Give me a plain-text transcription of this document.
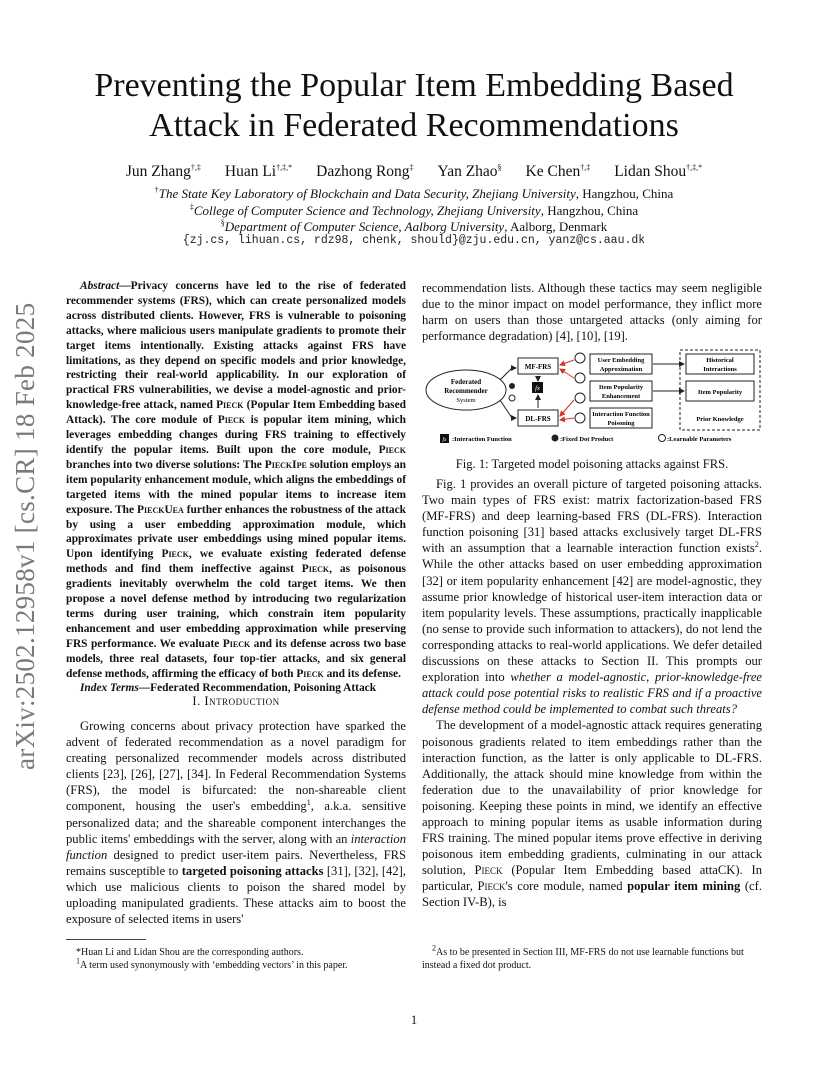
arXiv:2502.12958v1 [cs.CR] 18 Feb 2025
Preventing the Popular Item Embedding Based
Attack in Federated Recommendations
Jun Zhang†,‡ Huan Li†,‡,* Dazhong Rong‡ Yan Zhao§ Ke Chen†,‡ Lidan Shou†,‡,*
†The State Key Laboratory of Blockchain and Data Security, Zhejiang University, Hangzhou, China
‡College of Computer Science and Technology, Zhejiang University, Hangzhou, China
§Department of Computer Science, Aalborg University, Aalborg, Denmark
{zj.cs, lihuan.cs, rdz98, chenk, should}@zju.edu.cn, yanz@cs.aau.dk

Abstract—Privacy concerns have led to the rise of federated recommender systems (FRS), which can create personalized models across distributed clients. However, FRS is vulnerable to poisoning attacks, where malicious users manipulate gradients to promote their target items intentionally. Existing attacks against FRS have limitations, as they depend on specific models and prior knowledge, restricting their real-world applicability. In our exploration of practical FRS vulnerabilities, we devise a model-agnostic and prior-knowledge-free attack, named Pieck (Popular Item Embedding based Attack). The core module of Pieck is popular item mining, which leverages embedding changes during FRS training to effectively identify the popular items. Built upon the core module, Pieck branches into two diverse solutions: The PieckIpe solution employs an item popularity enhancement module, which aligns the embeddings of targeted items with the mined popular items to increase item exposure. The PieckUea further enhances the robustness of the attack by using a user embedding approximation module, which approximates private user embeddings using mined popular items. Upon identifying Pieck, we evaluate existing federated defense methods and find them ineffective against Pieck, as poisonous gradients inevitably overwhelm the cold target items. We then propose a novel defense method by introducing two regularization terms during user training, which constrain item popularity enhancement and user embedding approximation while preserving FRS performance. We evaluate Pieck and its defense across two base models, three real datasets, four top-tier attacks, and six general defense methods, affirming the efficacy of both Pieck and its defense.

Index Terms—Federated Recommendation, Poisoning Attack

I. Introduction

Growing concerns about privacy protection have sparked the advent of federated recommendation as a novel paradigm for creating personalized recommender models across distributed clients [23], [26], [27], [34]. In Federal Recommendation Systems (FRS), the model is bifurcated: the non-shareable client component, housing the user's embedding$^1$, a.k.a. sensitive personalized data; and the shareable component interchanges the public items' embeddings with the server, along with an interaction function designed to predict user-item pairs. Nevertheless, FRS remains susceptible to targeted poisoning attacks [31], [32], [42], which use malicious clients to poison the shared model by uploading manipulated gradients. These attacks aim to boost the exposure of selected items in users'

recommendation lists. Although these tactics may seem negligible due to the minor impact on model performance, they inflict more harm on users than those untargeted attacks (only aiming for performance degradation) [4], [10], [19].

Federated
Recommender
System
MF-FRS
DL-FRS
fx
User Embedding
Approximation
Item Popularity
Enhancement
Interaction Function
Poisoning
Historical
Interactions
Item Popularity
Prior Knowledge
fx :Interaction Function	:Fixed Dot Product	:Learnable Parameters
Fig. 1: Targeted model poisoning attacks against FRS.

Fig. 1 provides an overall picture of targeted poisoning attacks. Two main types of FRS exist: matrix factorization-based FRS (MF-FRS) and deep learning-based FRS (DL-FRS). Interaction function poisoning [31] based attacks exclusively target DL-FRS with an assumption that a learnable interaction function exists$^2$. While the other attacks based on user embedding approximation [32] or item popularity enhancement [42] are model-agnostic, they assume prior knowledge of historical user-item interaction data or item popularity levels. These assumptions, practically inapplicable (no sense to provide such information to attackers), do not lend the corresponding attacks to real-world applications. We defer detailed discussions on these attacks to Section II. This prompts our exploration into whether a model-agnostic, prior-knowledge-free attack could pose potential risks to realistic FRS and if a proactive defense method could be implemented to combat such threats?

The development of a model-agnostic attack requires generating poisonous gradients related to item embeddings rather than the interaction function, as the latter is only applicable to DL-FRS. Additionally, the attack should mine knowledge from within the federation due to the unavailability of prior knowledge for poisoning. Keeping these points in mind, we identify an effective approach to mining popular items as usable information during FRS training. The mined popular items prove effective in deriving poisonous item embedding gradients, culminating in our attack solution, Pieck (Popular Item Embedding based attaCK). In particular, Pieck's core module, named popular item mining (cf. Section IV-B), is

*Huan Li and Lidan Shou are the corresponding authors.
$^1$A term used synonymously with ‘embedding vectors’ in this paper.
$^2$As to be presented in Section III, MF-FRS do not use learnable functions but instead a fixed dot product.
1
